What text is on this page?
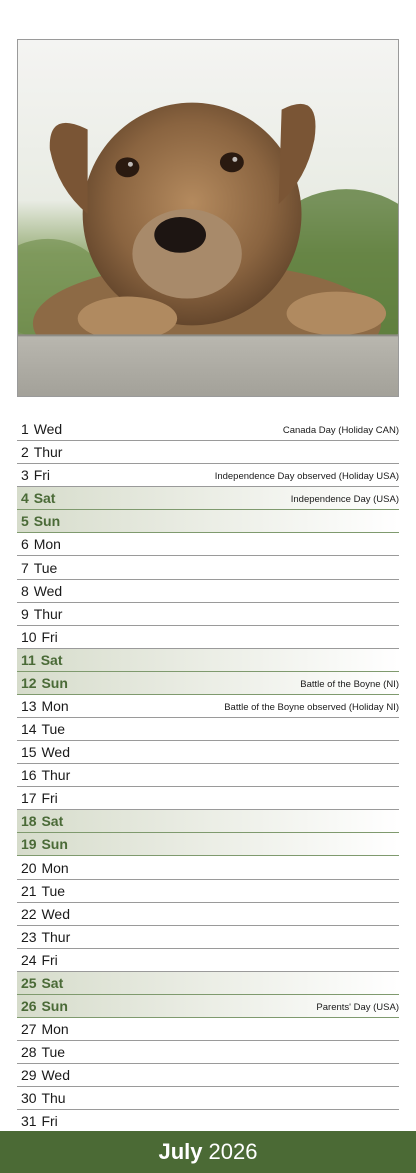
1 Wed	Canada Day (Holiday CAN)
2 Thur
3 Fri	Independence Day observed (Holiday USA)
4 Sat	Independence Day (USA)
5 Sun
6 Mon
7 Tue
8 Wed
9 Thur
10 Fri
11 Sat
12 Sun	Battle of the Boyne (NI)
13 Mon	Battle of the Boyne observed (Holiday NI)
14 Tue
15 Wed
16 Thur
17 Fri
18 Sat
19 Sun
20 Mon
21 Tue
22 Wed
23 Thur
24 Fri
25 Sat
26 Sun	Parents' Day (USA)
27 Mon
28 Tue
29 Wed
30 Thu
31 Fri
July 2026
